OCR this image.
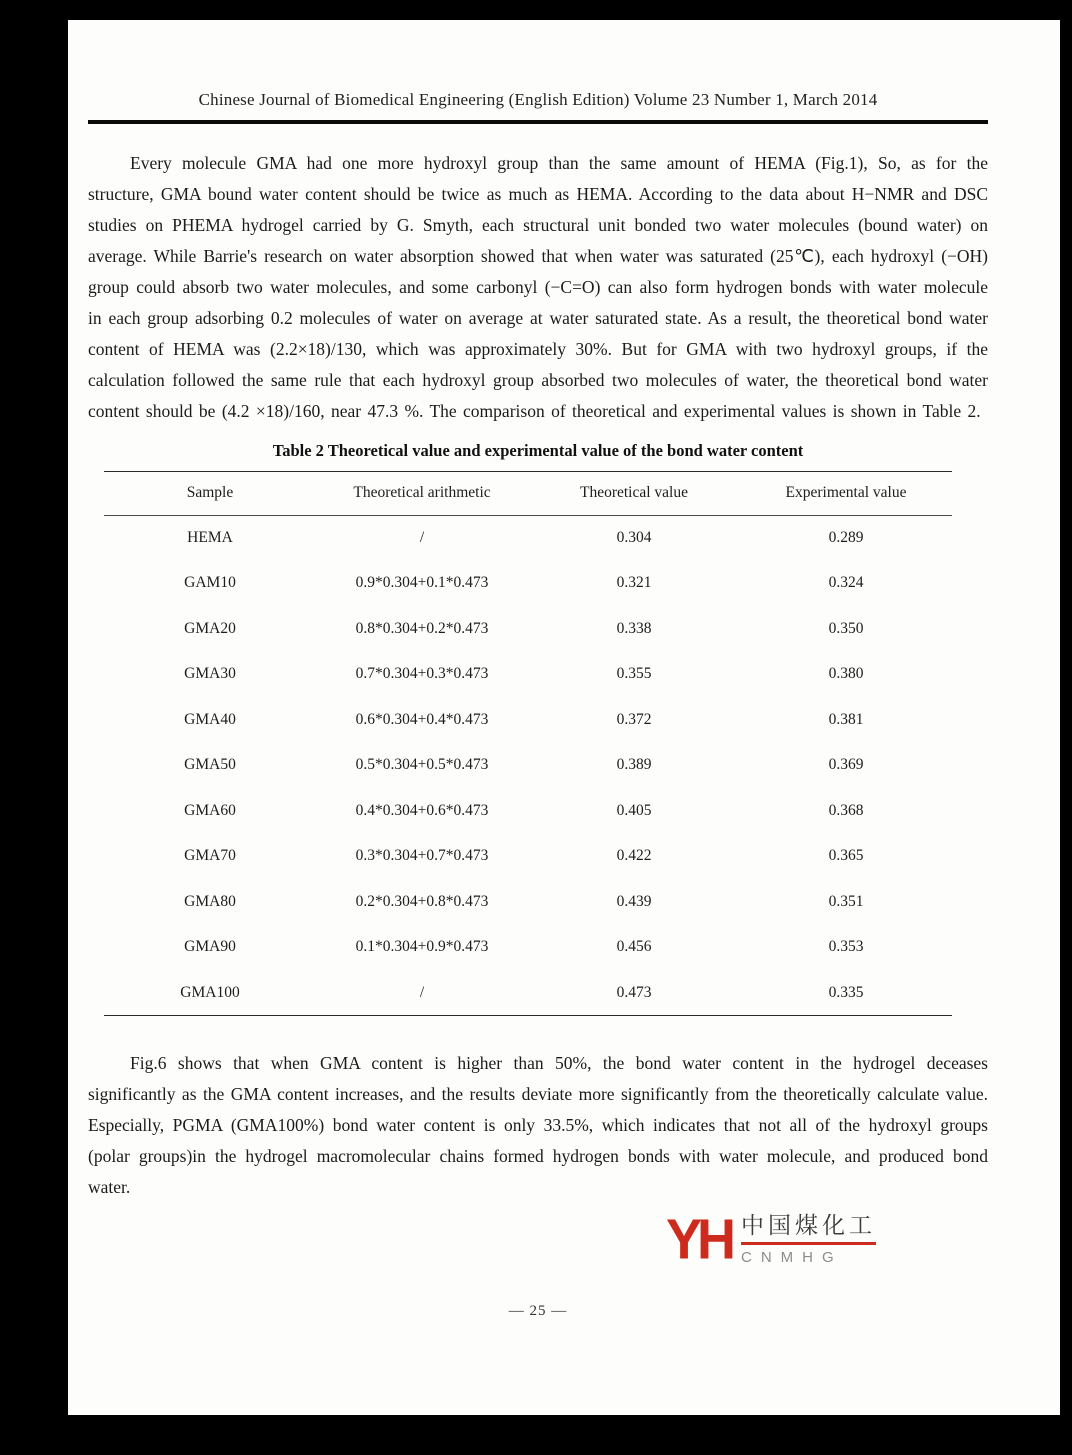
Chinese Journal of Biomedical Engineering (English Edition) Volume 23 Number 1, March 2014

Every molecule GMA had one more hydroxyl group than the same amount of HEMA (Fig.1), So, as for the structure, GMA bound water content should be twice as much as HEMA. According to the data about H−NMR and DSC studies on PHEMA hydrogel carried by G. Smyth, each structural unit bonded two water molecules (bound water) on average. While Barrie's research on water absorption showed that when water was saturated (25℃), each hydroxyl (−OH) group could absorb two water molecules, and some carbonyl (−C=O) can also form hydrogen bonds with water molecule in each group adsorbing 0.2 molecules of water on average at water saturated state. As a result, the theoretical bond water content of HEMA was (2.2×18)/130, which was approximately 30%. But for GMA with two hydroxyl groups, if the calculation followed the same rule that each hydroxyl group absorbed two molecules of water, the theoretical bond water content should be (4.2 ×18)/160, near 47.3 %. The comparison of theoretical and experimental values is shown in Table 2.

Table 2 Theoretical value and experimental value of the bond water content
Sample	Theoretical arithmetic	Theoretical value	Experimental value
HEMA	/	0.304	0.289
GAM10	0.9*0.304+0.1*0.473	0.321	0.324
GMA20	0.8*0.304+0.2*0.473	0.338	0.350
GMA30	0.7*0.304+0.3*0.473	0.355	0.380
GMA40	0.6*0.304+0.4*0.473	0.372	0.381
GMA50	0.5*0.304+0.5*0.473	0.389	0.369
GMA60	0.4*0.304+0.6*0.473	0.405	0.368
GMA70	0.3*0.304+0.7*0.473	0.422	0.365
GMA80	0.2*0.304+0.8*0.473	0.439	0.351
GMA90	0.1*0.304+0.9*0.473	0.456	0.353
GMA100	/	0.473	0.335

Fig.6 shows that when GMA content is higher than 50%, the bond water content in the hydrogel deceases significantly as the GMA content increases, and the results deviate more significantly from the theoretically calculate value. Especially, PGMA (GMA100%) bond water content is only 33.5%, which indicates that not all of the hydroxyl groups (polar groups)in the hydrogel macromolecular chains formed hydrogen bonds with water molecule, and produced bond water.

YH 中国煤化工
CNMHG
— 25 —
